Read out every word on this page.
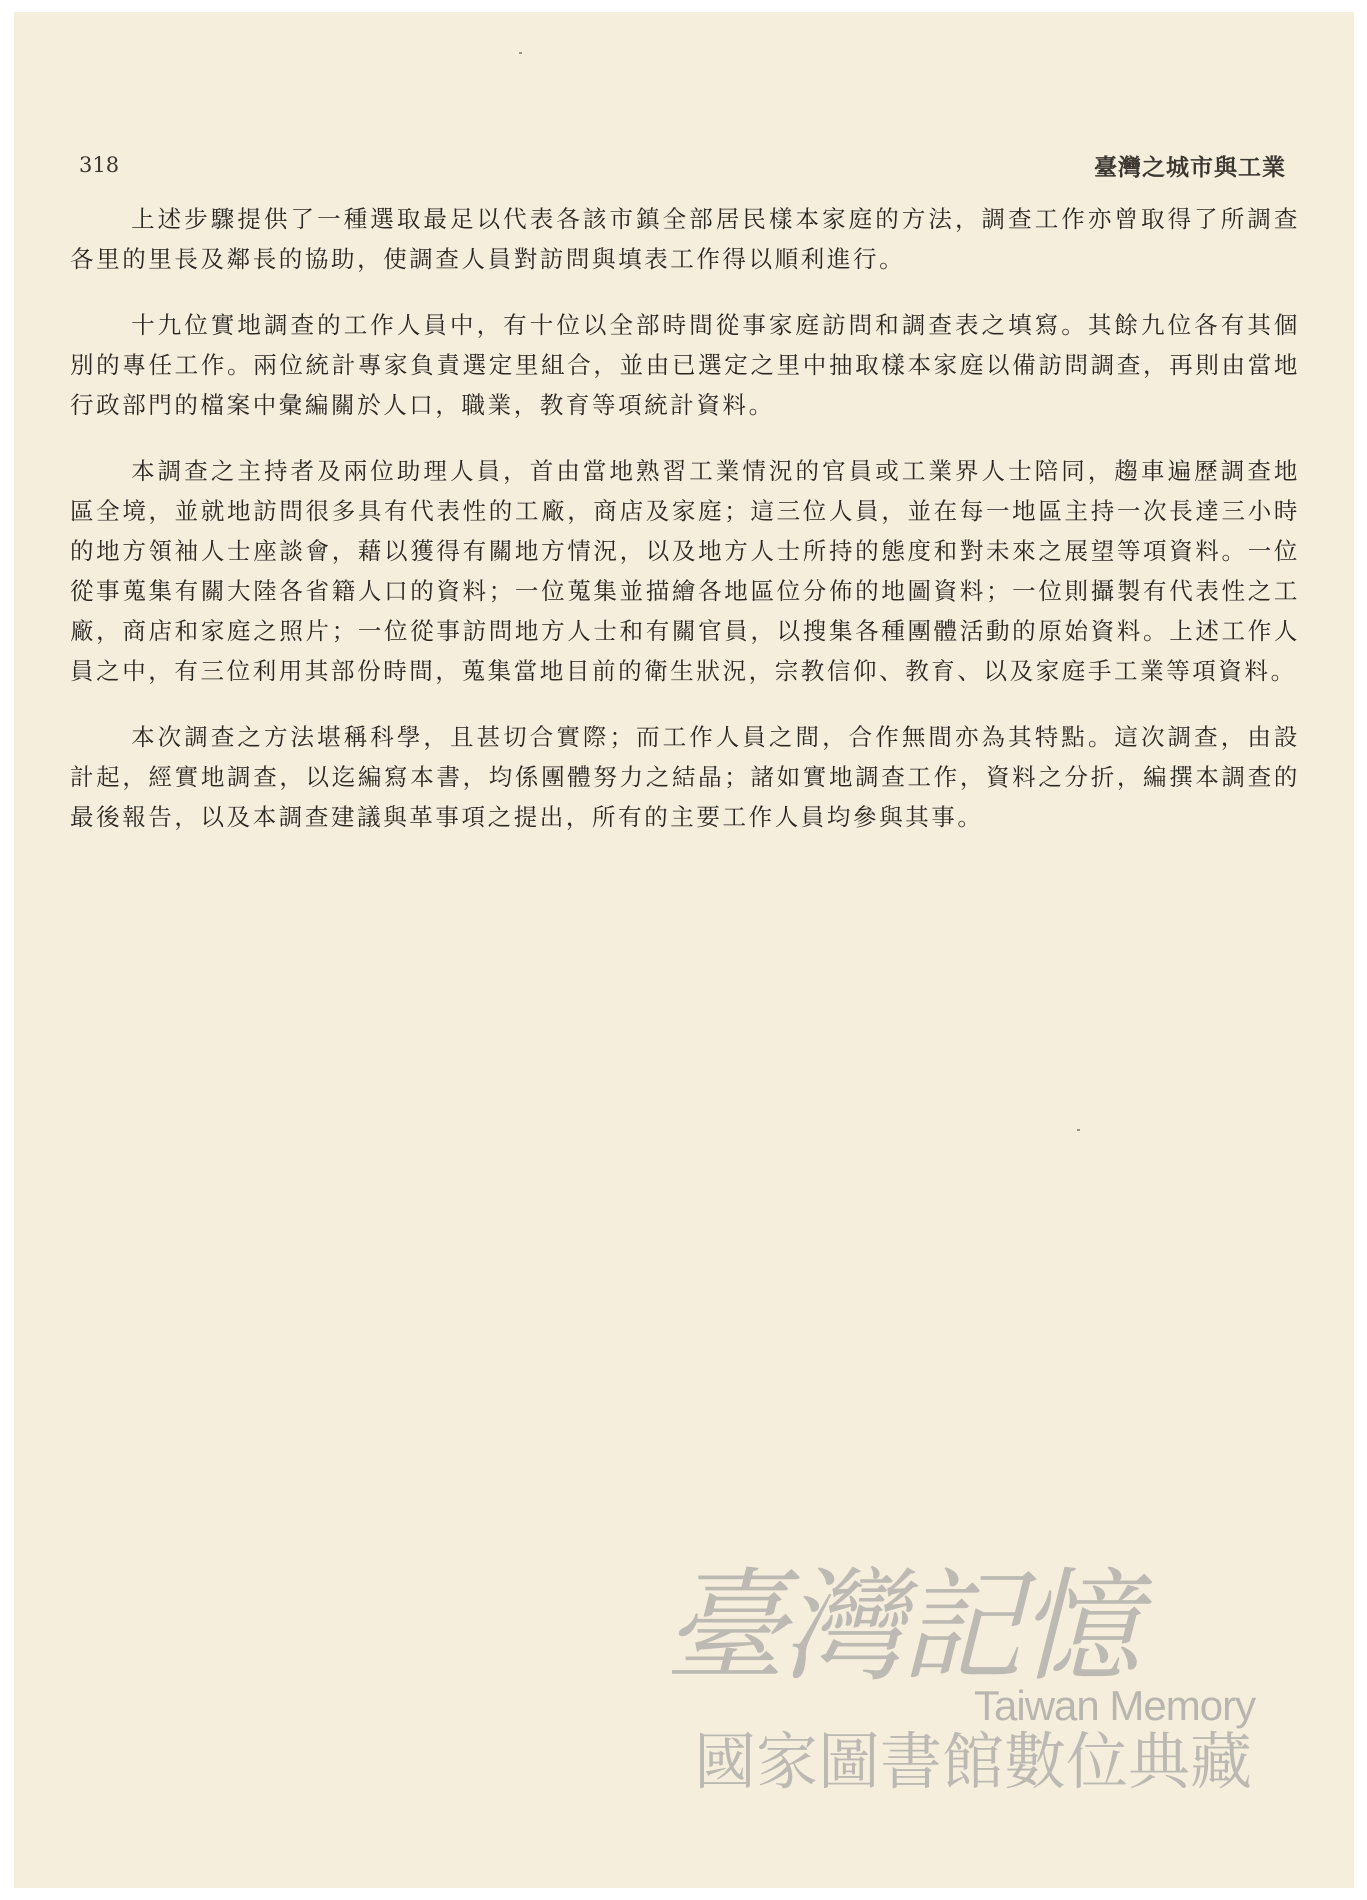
318	臺灣之城市與工業

上述步驟提供了一種選取最足以代表各該市鎮全部居民樣本家庭的方法，調查工作亦曾取得了所調查各里的里長及鄰長的協助，使調查人員對訪問與填表工作得以順利進行。

十九位實地調查的工作人員中，有十位以全部時間從事家庭訪問和調查表之填寫。其餘九位各有其個別的專任工作。兩位統計專家負責選定里組合，並由已選定之里中抽取樣本家庭以備訪問調查，再則由當地行政部門的檔案中彙編關於人口，職業，教育等項統計資料。

本調查之主持者及兩位助理人員，首由當地熟習工業情況的官員或工業界人士陪同，趨車遍歷調查地區全境，並就地訪問很多具有代表性的工廠，商店及家庭；這三位人員，並在每一地區主持一次長達三小時的地方領袖人士座談會，藉以獲得有關地方情況，以及地方人士所持的態度和對未來之展望等項資料。一位從事蒐集有關大陸各省籍人口的資料；一位蒐集並描繪各地區位分佈的地圖資料；一位則攝製有代表性之工廠，商店和家庭之照片；一位從事訪問地方人士和有關官員，以搜集各種團體活動的原始資料。上述工作人員之中，有三位利用其部份時間，蒐集當地目前的衛生狀況，宗教信仰、教育、以及家庭手工業等項資料。

本次調查之方法堪稱科學，且甚切合實際；而工作人員之間，合作無間亦為其特點。這次調查，由設計起，經實地調查，以迄編寫本書，均係團體努力之結晶；諸如實地調查工作，資料之分折，編撰本調查的最後報告，以及本調查建議與革事項之提出，所有的主要工作人員均參與其事。

臺灣記憶
Taiwan Memory
國家圖書館數位典藏
